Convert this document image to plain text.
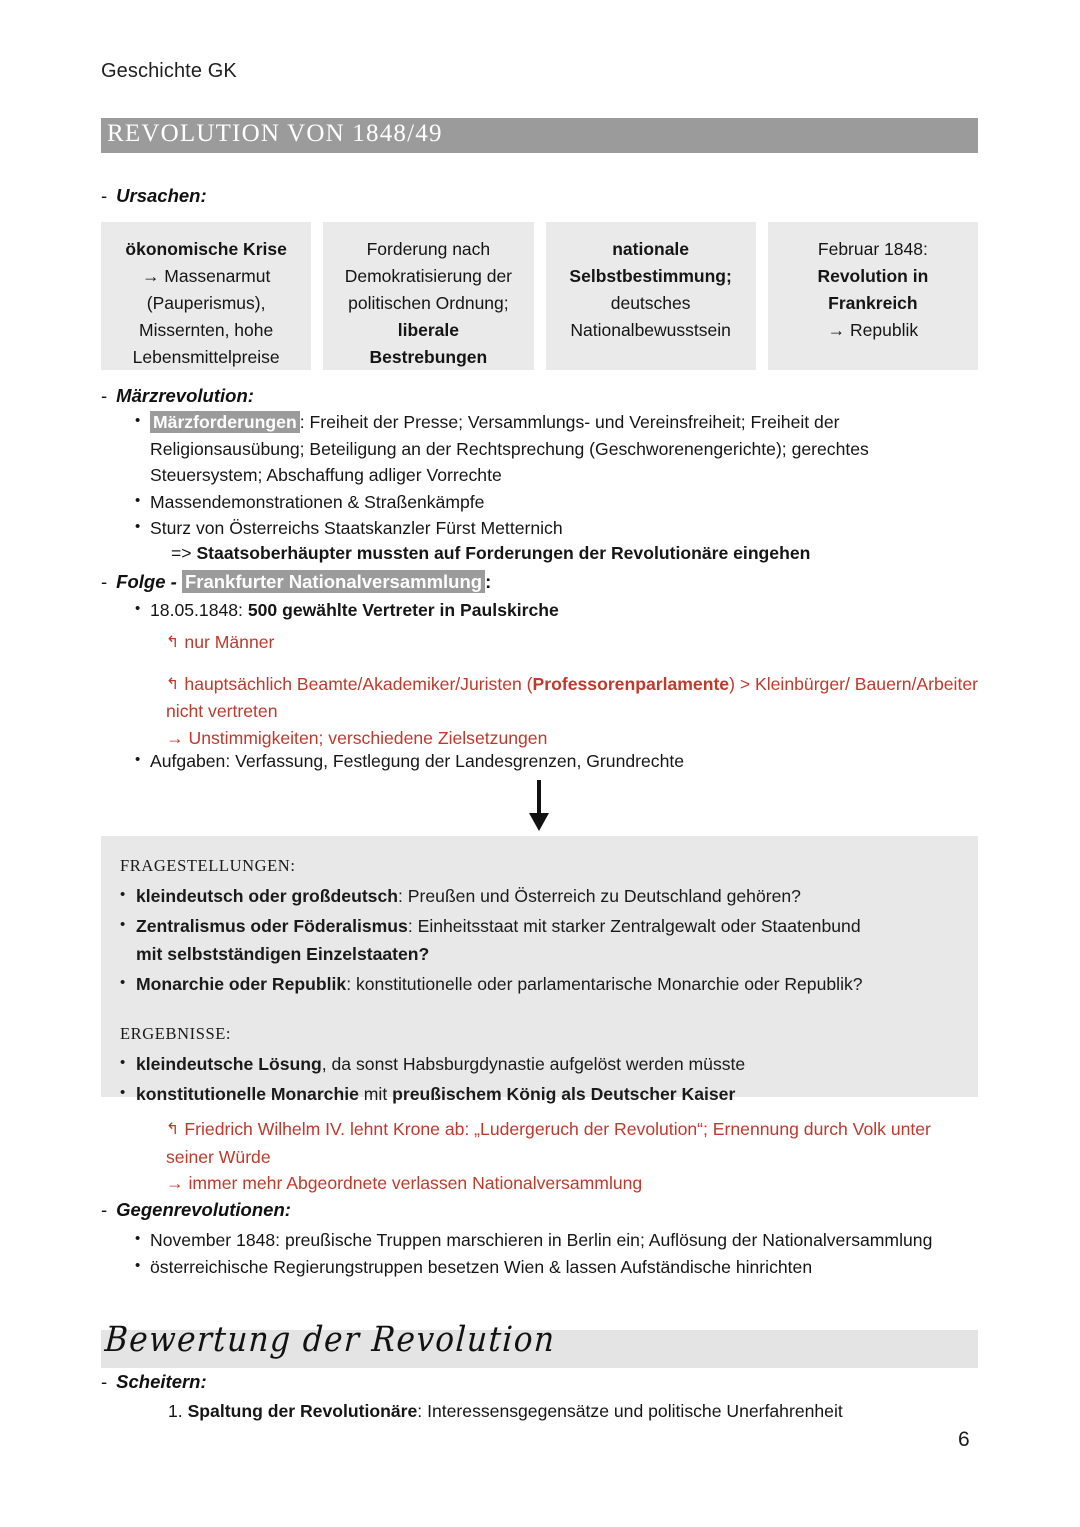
Geschichte GK
REVOLUTION VON 1848/49
- Ursachen:
ökonomische Krise
→ Massenarmut
(Pauperismus),
Missernten, hohe
Lebensmittelpreise
Forderung nach
Demokratisierung der
politischen Ordnung;
liberale
Bestrebungen
nationale
Selbstbestimmung;
deutsches
Nationalbewusstsein
Februar 1848:
Revolution in
Frankreich
→ Republik
- Märzrevolution:
• Märzforderungen : Freiheit der Presse; Versammlungs- und Vereinsfreiheit; Freiheit der Religionsausübung; Beteiligung an der Rechtsprechung (Geschworenengerichte); gerechtes Steuersystem; Abschaffung adliger Vorrechte
• Massendemonstrationen & Straßenkämpfe
• Sturz von Österreichs Staatskanzler Fürst Metternich
=> Staatsoberhäupter mussten auf Forderungen der Revolutionäre eingehen
- Folge - Frankfurter Nationalversammlung :
• 18.05.1848: 500 gewählte Vertreter in Paulskirche
↱ nur Männer
↱ hauptsächlich Beamte/Akademiker/Juristen (Professorenparlamente) > Kleinbürger/ Bauern/Arbeiter nicht vertreten
→ Unstimmigkeiten; verschiedene Zielsetzungen
• Aufgaben: Verfassung, Festlegung der Landesgrenzen, Grundrechte
FRAGESTELLUNGEN:
• kleindeutsch oder großdeutsch: Preußen und Österreich zu Deutschland gehören?
• Zentralismus oder Föderalismus: Einheitsstaat mit starker Zentralgewalt oder Staatenbund
mit selbstständigen Einzelstaaten?
• Monarchie oder Republik: konstitutionelle oder parlamentarische Monarchie oder Republik?
ERGEBNISSE:
• kleindeutsche Lösung, da sonst Habsburgdynastie aufgelöst werden müsste
• konstitutionelle Monarchie mit preußischem König als Deutscher Kaiser
↱ Friedrich Wilhelm IV. lehnt Krone ab: „Ludergeruch der Revolution“; Ernennung durch Volk unter seiner Würde
→ immer mehr Abgeordnete verlassen Nationalversammlung
- Gegenrevolutionen:
• November 1848: preußische Truppen marschieren in Berlin ein; Auflösung der Nationalversammlung
• österreichische Regierungstruppen besetzen Wien & lassen Aufständische hinrichten
Bewertung der Revolution
- Scheitern:
1. Spaltung der Revolutionäre: Interessensgegensätze und politische Unerfahrenheit
6
